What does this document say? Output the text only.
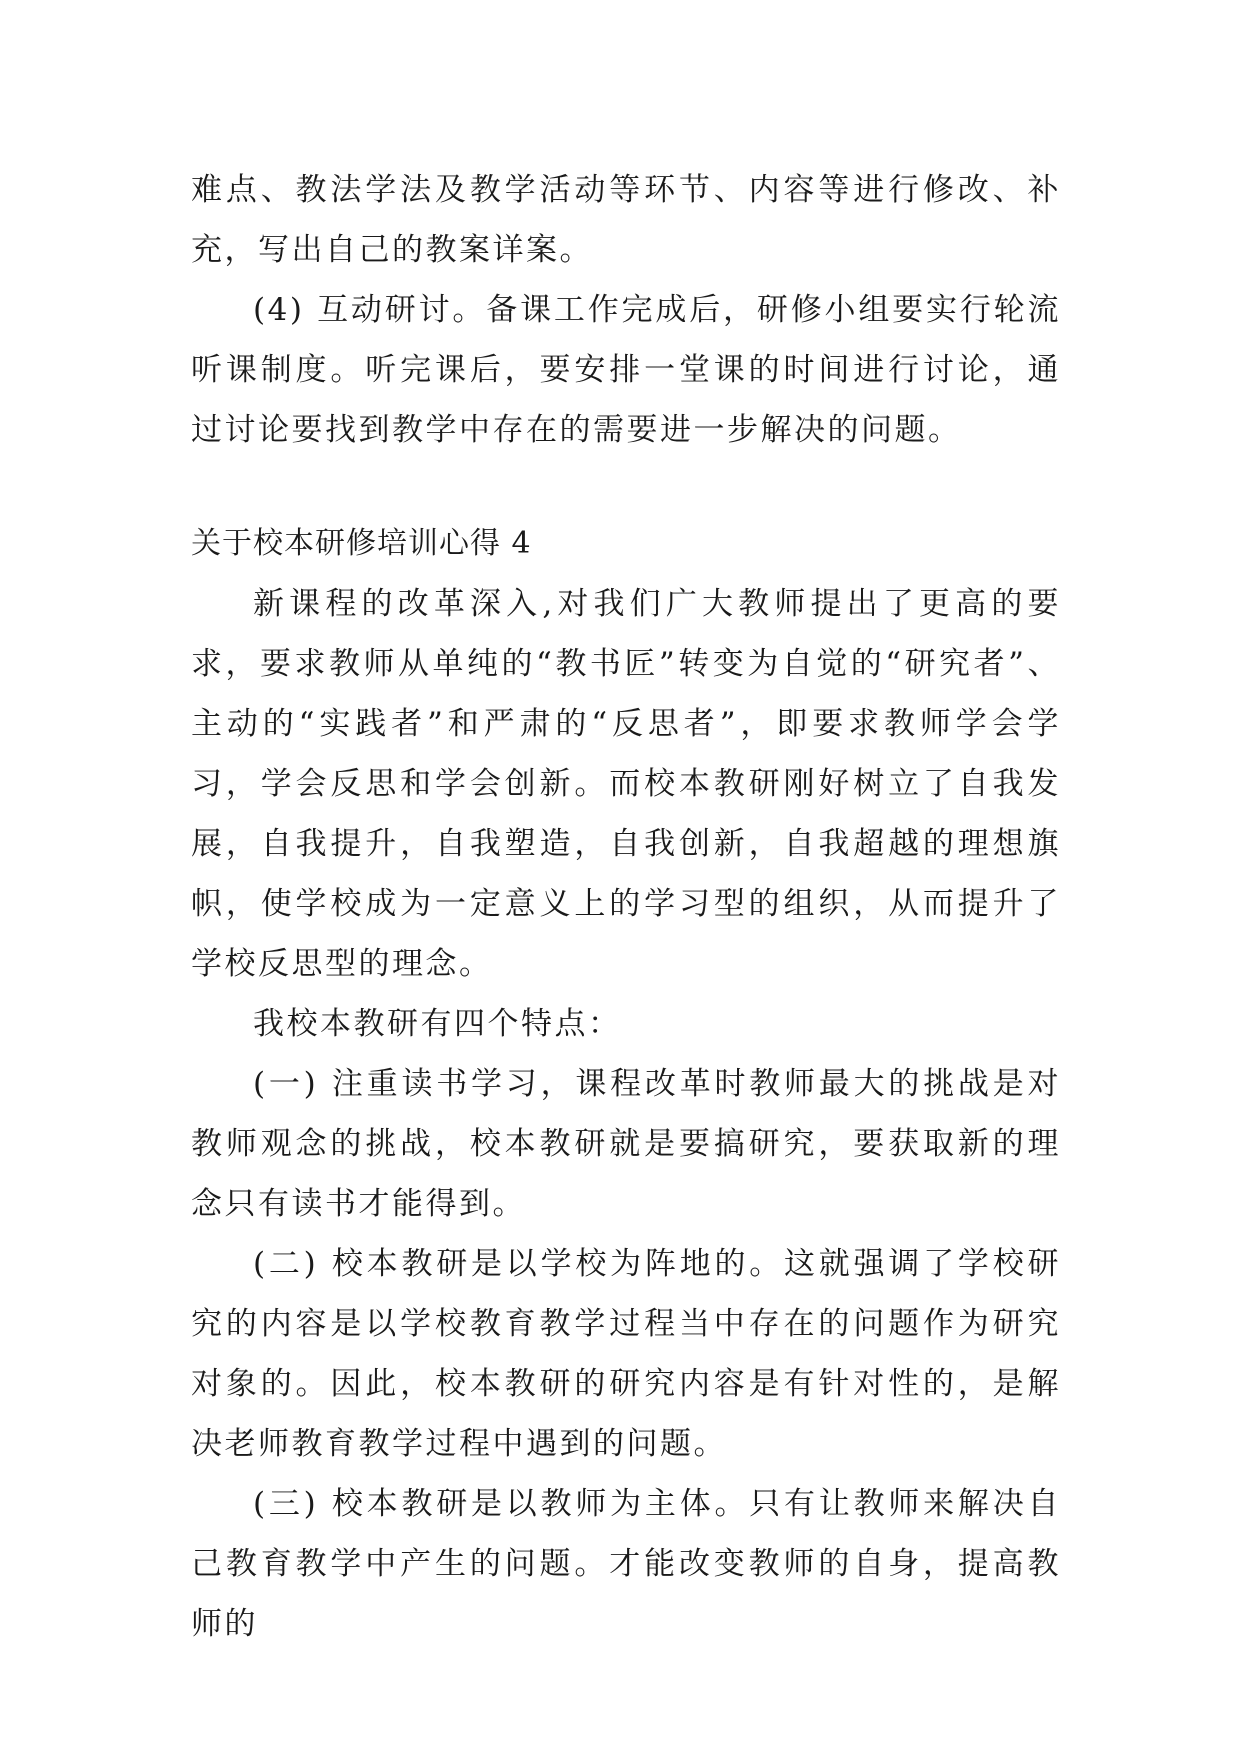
难点、教法学法及教学活动等环节、内容等进行修改、补充，写出自己的教案详案。

(4) 互动研讨。备课工作完成后，研修小组要实行轮流听课制度。听完课后，要安排一堂课的时间进行讨论，通过讨论要找到教学中存在的需要进一步解决的问题。

关于校本研修培训心得 4

新课程的改革深入,对我们广大教师提出了更高的要求，要求教师从单纯的“教书匠”转变为自觉的“研究者”、主动的“实践者”和严肃的“反思者”，即要求教师学会学习，学会反思和学会创新。而校本教研刚好树立了自我发展，自我提升，自我塑造，自我创新，自我超越的理想旗帜，使学校成为一定意义上的学习型的组织，从而提升了学校反思型的理念。

我校本教研有四个特点：

(一) 注重读书学习，课程改革时教师最大的挑战是对教师观念的挑战，校本教研就是要搞研究，要获取新的理念只有读书才能得到。

(二) 校本教研是以学校为阵地的。这就强调了学校研究的内容是以学校教育教学过程当中存在的问题作为研究对象的。因此，校本教研的研究内容是有针对性的，是解决老师教育教学过程中遇到的问题。

(三) 校本教研是以教师为主体。只有让教师来解决自己教育教学中产生的问题。才能改变教师的自身，提高教师的
